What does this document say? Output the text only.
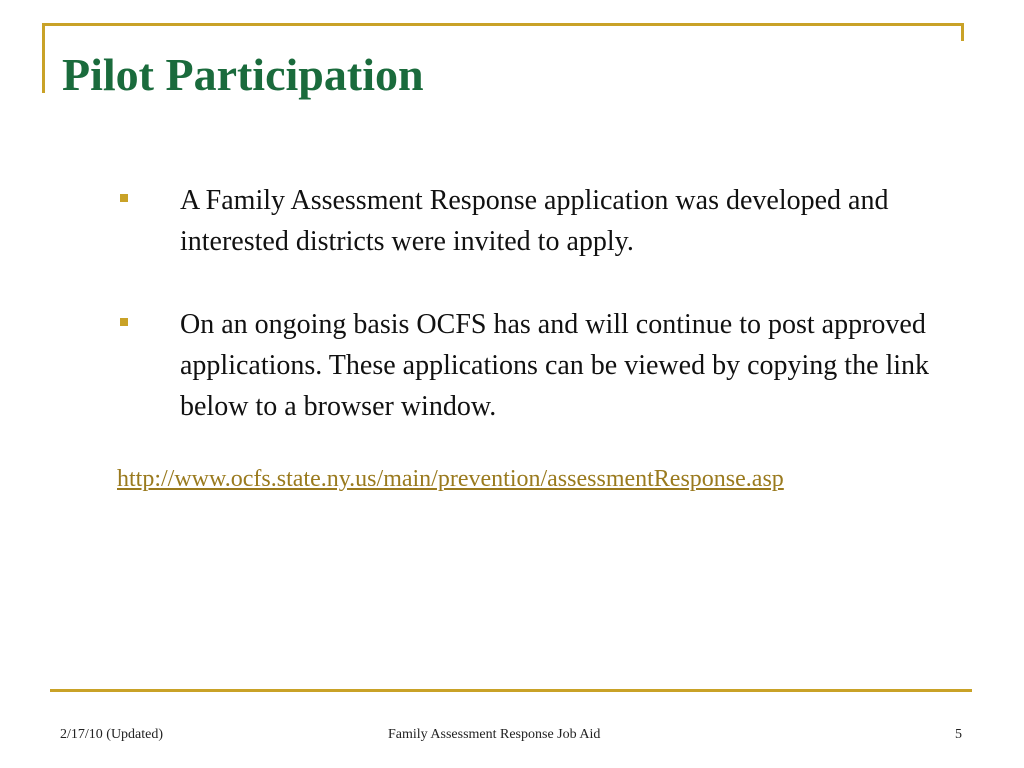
Pilot Participation
A Family Assessment Response application was developed and interested districts were invited to apply.
On an ongoing basis OCFS has and will continue to post approved applications. These applications can be viewed by copying the link below to a browser window.
http://www.ocfs.state.ny.us/main/prevention/assessmentResponse.asp
2/17/10 (Updated)	Family Assessment Response Job Aid	5
